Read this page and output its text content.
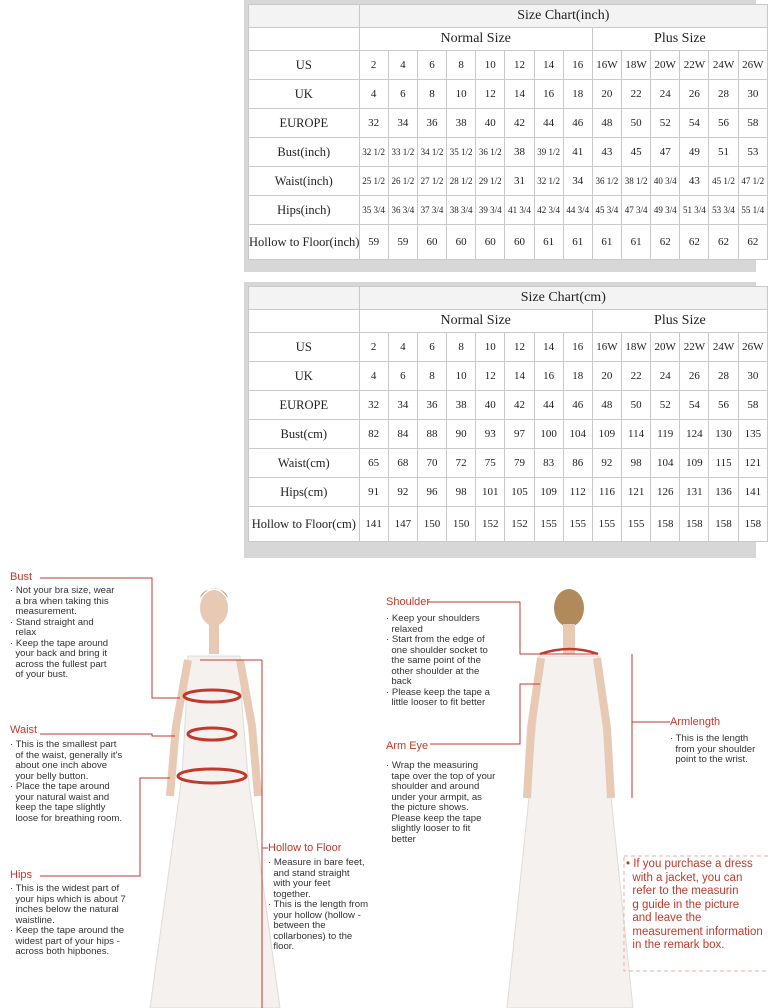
	Size Chart(inch)													
	Normal Size								Plus Size					
US	2	4	6	8	10	12	14	16	16W	18W	20W	22W	24W	26W
UK	4	6	8	10	12	14	16	18	20	22	24	26	28	30
EUROPE	32	34	36	38	40	42	44	46	48	50	52	54	56	58
Bust(inch)	32 1/2	33 1/2	34 1/2	35 1/2	36 1/2	38	39 1/2	41	43	45	47	49	51	53
Waist(inch)	25 1/2	26 1/2	27 1/2	28 1/2	29 1/2	31	32 1/2	34	36 1/2	38 1/2	40 3/4	43	45 1/2	47 1/2
Hips(inch)	35 3/4	36 3/4	37 3/4	38 3/4	39 3/4	41 3/4	42 3/4	44 3/4	45 3/4	47 3/4	49 3/4	51 3/4	53 3/4	55 1/4
Hollow to Floor(inch)	59	59	60	60	60	60	61	61	61	61	62	62	62	62
	Size Chart(cm)													
	Normal Size								Plus Size					
US	2	4	6	8	10	12	14	16	16W	18W	20W	22W	24W	26W
UK	4	6	8	10	12	14	16	18	20	22	24	26	28	30
EUROPE	32	34	36	38	40	42	44	46	48	50	52	54	56	58
Bust(cm)	82	84	88	90	93	97	100	104	109	114	119	124	130	135
Waist(cm)	65	68	70	72	75	79	83	86	92	98	104	109	115	121
Hips(cm)	91	92	96	98	101	105	109	112	116	121	126	131	136	141
Hollow to Floor(cm)	141	147	150	150	152	152	155	155	155	155	158	158	158	158
Bust
· Not your bra size, wear
a bra when taking this
measurement.
· Stand straight and
relax
· Keep the tape around
your back and bring it
across the fullest part
of your bust.
Waist
· This is the smallest part
of the waist, generally it's
about one inch above
your belly button.
· Place the tape around
your natural waist and
keep the tape slightly
loose for breathing room.
Hips
· This is the widest part of
your hips which is about 7
inches below the natural
waistline.
· Keep the tape around the
widest part of your hips -
across both hipbones.
Hollow to Floor
· Measure in bare feet,
and stand straight
with your feet
together.
· This is the length from
your hollow (hollow -
between the
collarbones) to the
floor.
Shoulder
· Keep your shoulders
relaxed
· Start from the edge of
one shoulder socket to
the same point of the
other shoulder at the
back
· Please keep the tape a
little looser to fit better
Arm Eye
· Wrap the measuring
tape over the top of your
shoulder and around
under your armpit, as
the picture shows.
Please keep the tape
slightly looser to fit
better
Armlength
· This is the length
from your shoulder
point to the wrist.
• If you purchase a dress
with a jacket, you can
refer to the measurin
g guide in the picture
and leave the
measurement information
in the remark box.
